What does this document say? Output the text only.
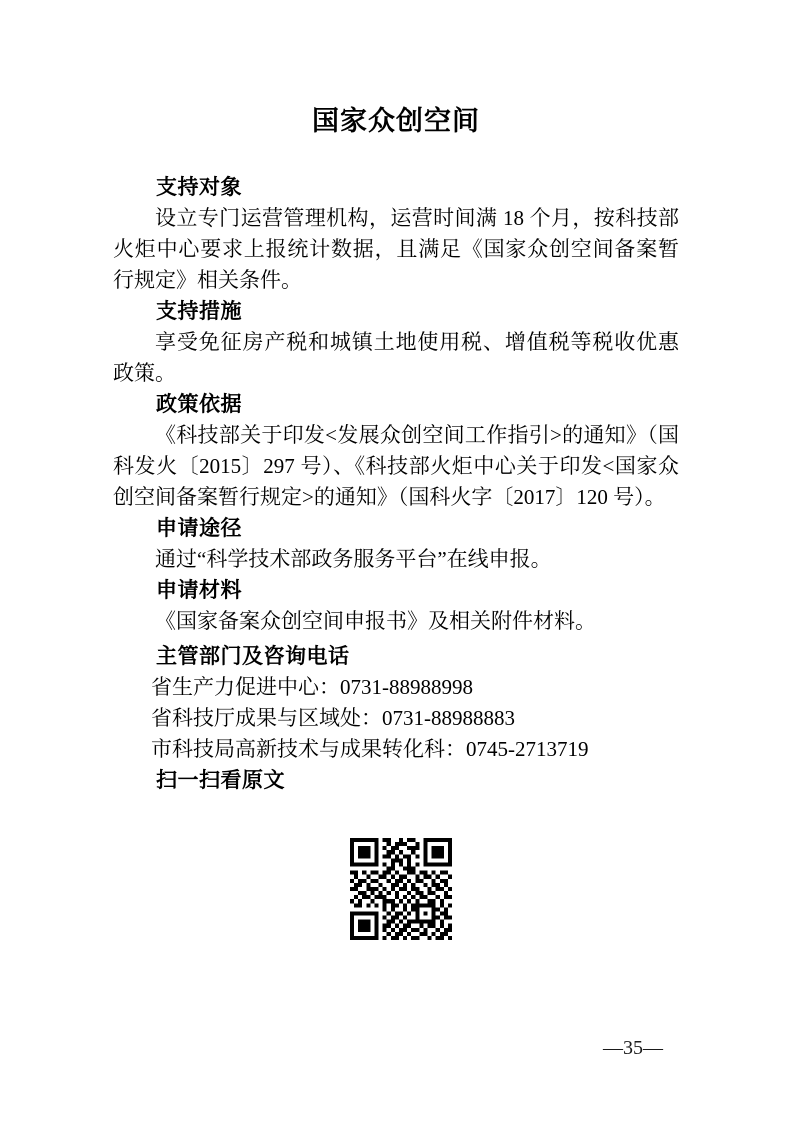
国家众创空间
支持对象

设立专门运营管理机构，运营时间满 18 个月，按科技部火炬中心要求上报统计数据，且满足《国家众创空间备案暂行规定》相关条件。

支持措施

享受免征房产税和城镇土地使用税、增值税等税收优惠政策。

政策依据

《科技部关于印发<发展众创空间工作指引>的通知》（国科发火〔2015〕297 号）、《科技部火炬中心关于印发<国家众创空间备案暂行规定>的通知》（国科火字〔2017〕120 号）。

申请途径

通过“科学技术部政务服务平台”在线申报。

申请材料

《国家备案众创空间申报书》及相关附件材料。

主管部门及咨询电话

省生产力促进中心：0731-88988998

省科技厅成果与区域处：0731-88988883

市科技局高新技术与成果转化科：0745-2713719

扫一扫看原文
—35—
